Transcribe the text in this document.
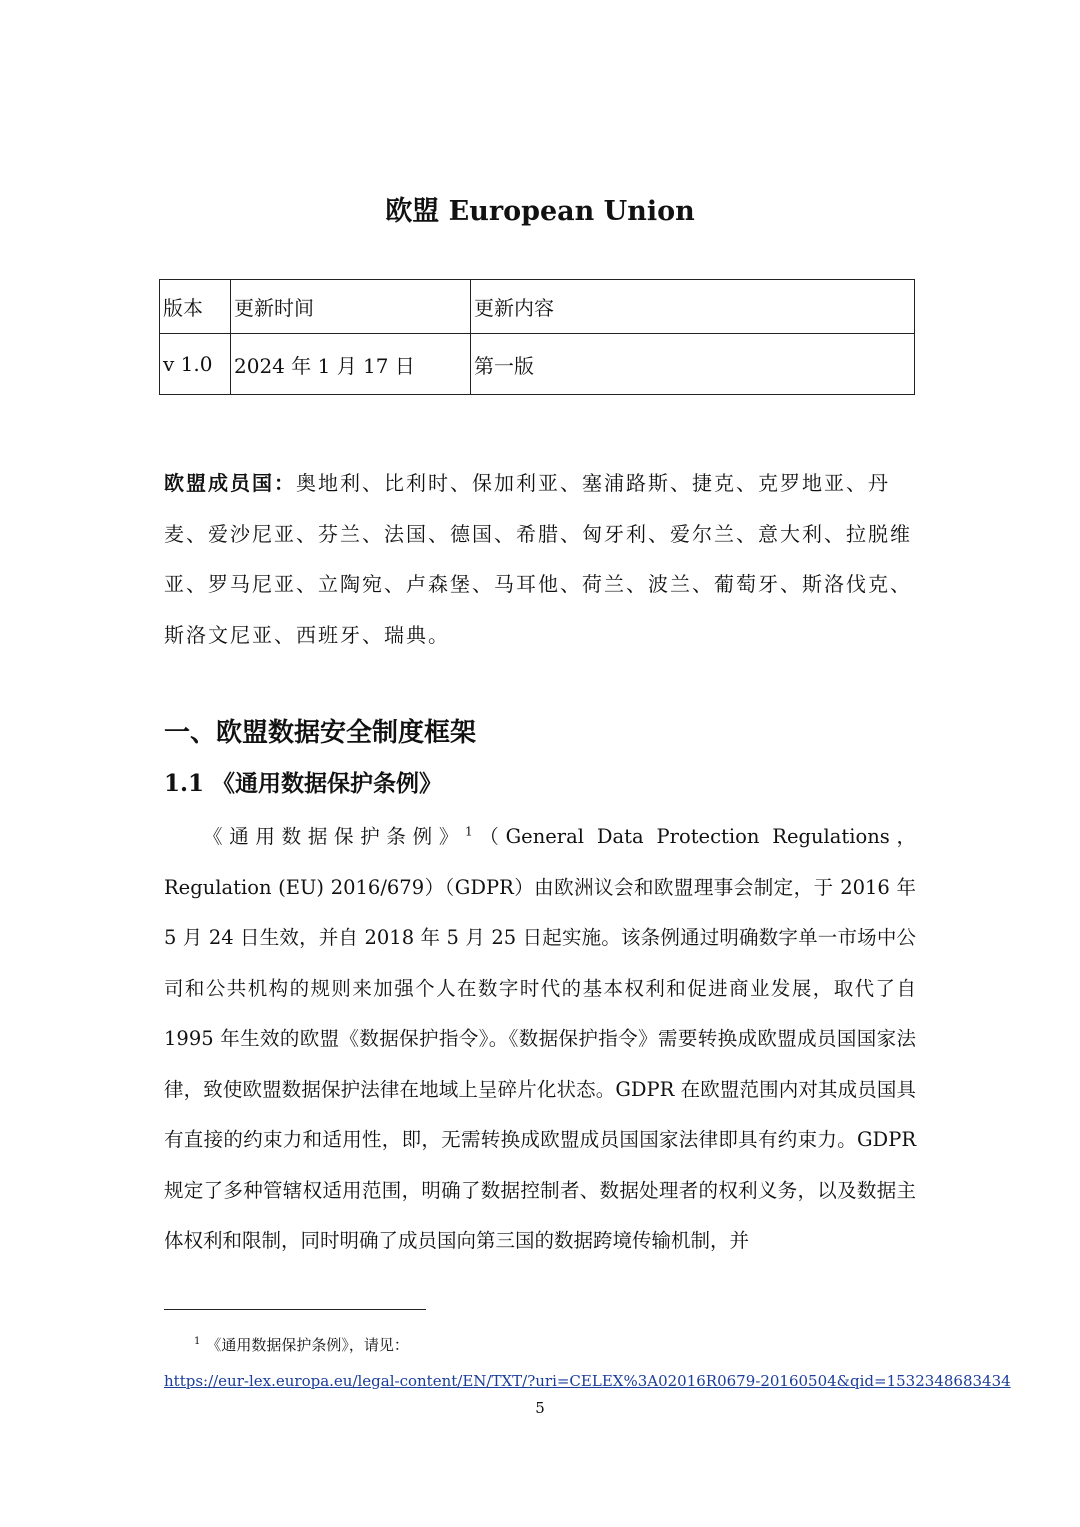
欧盟 European Union
版本	更新时间	更新内容
v 1.0	2024 年 1 月 17 日	第一版
欧盟成员国：奥地利、比利时、保加利亚、塞浦路斯、捷克、克罗地亚、丹麦、爱沙尼亚、芬兰、法国、德国、希腊、匈牙利、爱尔兰、意大利、拉脱维亚、罗马尼亚、立陶宛、卢森堡、马耳他、荷兰、波兰、葡萄牙、斯洛伐克、斯洛文尼亚、西班牙、瑞典。
一、欧盟数据安全制度框架
1.1 《通用数据保护条例》

《通用数据保护条例》$^1$（General Data Protection Regulations，Regulation (EU) 2016/679）（GDPR）由欧洲议会和欧盟理事会制定，于 2016 年 5 月 24 日生效，并自 2018 年 5 月 25 日起实施。该条例通过明确数字单一市场中公司和公共机构的规则来加强个人在数字时代的基本权利和促进商业发展，取代了自 1995 年生效的欧盟《数据保护指令》。《数据保护指令》需要转换成欧盟成员国国家法律，致使欧盟数据保护法律在地域上呈碎片化状态。GDPR 在欧盟范围内对其成员国具有直接的约束力和适用性，即，无需转换成欧盟成员国国家法律即具有约束力。GDPR 规定了多种管辖权适用范围，明确了数据控制者、数据处理者的权利义务，以及数据主体权利和限制，同时明确了成员国向第三国的数据跨境传输机制，并

$^1$ 《通用数据保护条例》，请见：
https://eur-lex.europa.eu/legal-content/EN/TXT/?uri=CELEX%3A02016R0679-20160504&qid=1532348683434
5
